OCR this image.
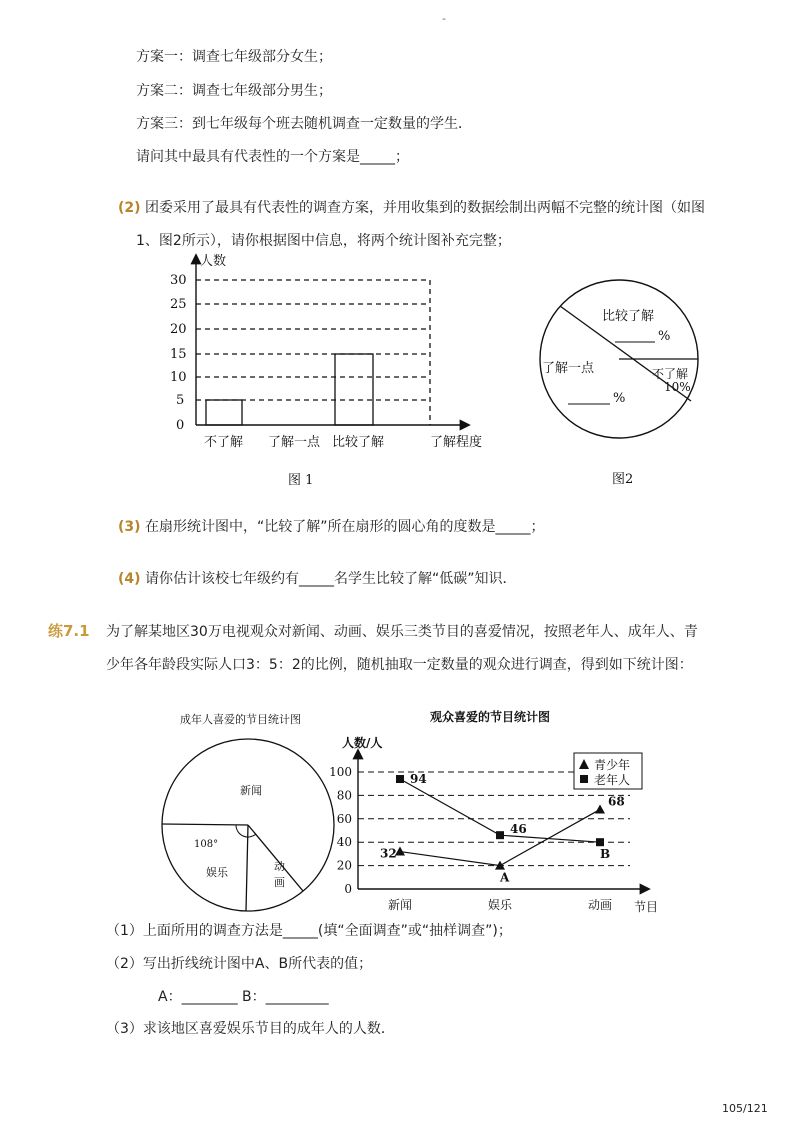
-
方案一：调查七年级部分女生；
方案二：调查七年级部分男生；
方案三：到七年级每个班去随机调查一定数量的学生．
请问其中最具有代表性的一个方案是_____；
(2) 团委采用了最具有代表性的调查方案，并用收集到的数据绘制出两幅不完整的统计图（如图
1、图2所示），请你根据图中信息，将两个统计图补充完整；
人数
30
25
20
15
10
5
0
不了解 了解一点 比较了解	了解程度
图 1
比较了解
%
了解一点
%
不了解
10%
图2
(3) 在扇形统计图中，“比较了解”所在扇形的圆心角的度数是_____；
(4) 请你估计该校七年级约有_____名学生比较了解“低碳”知识．
练7.1 为了解某地区30万电视观众对新闻、动画、娱乐三类节目的喜爱情况，按照老年人、成年人、青
少年各年龄段实际人口3：5：2的比例，随机抽取一定数量的观众进行调查，得到如下统计图：
成年人喜爱的节目统计图
新闻
108°
娱乐	动
画
观众喜爱的节目统计图
人数/人
0
20
40
60
80
100
32
A
68
94
46
B
新闻	娱乐	动画 节目
青少年
老年人
（1）上面所用的调查方法是_____(填“全面调查”或“抽样调查”)；
（2）写出折线统计图中A、B所代表的值；
A：________ B：_________
（3）求该地区喜爱娱乐节目的成年人的人数．
105/121
